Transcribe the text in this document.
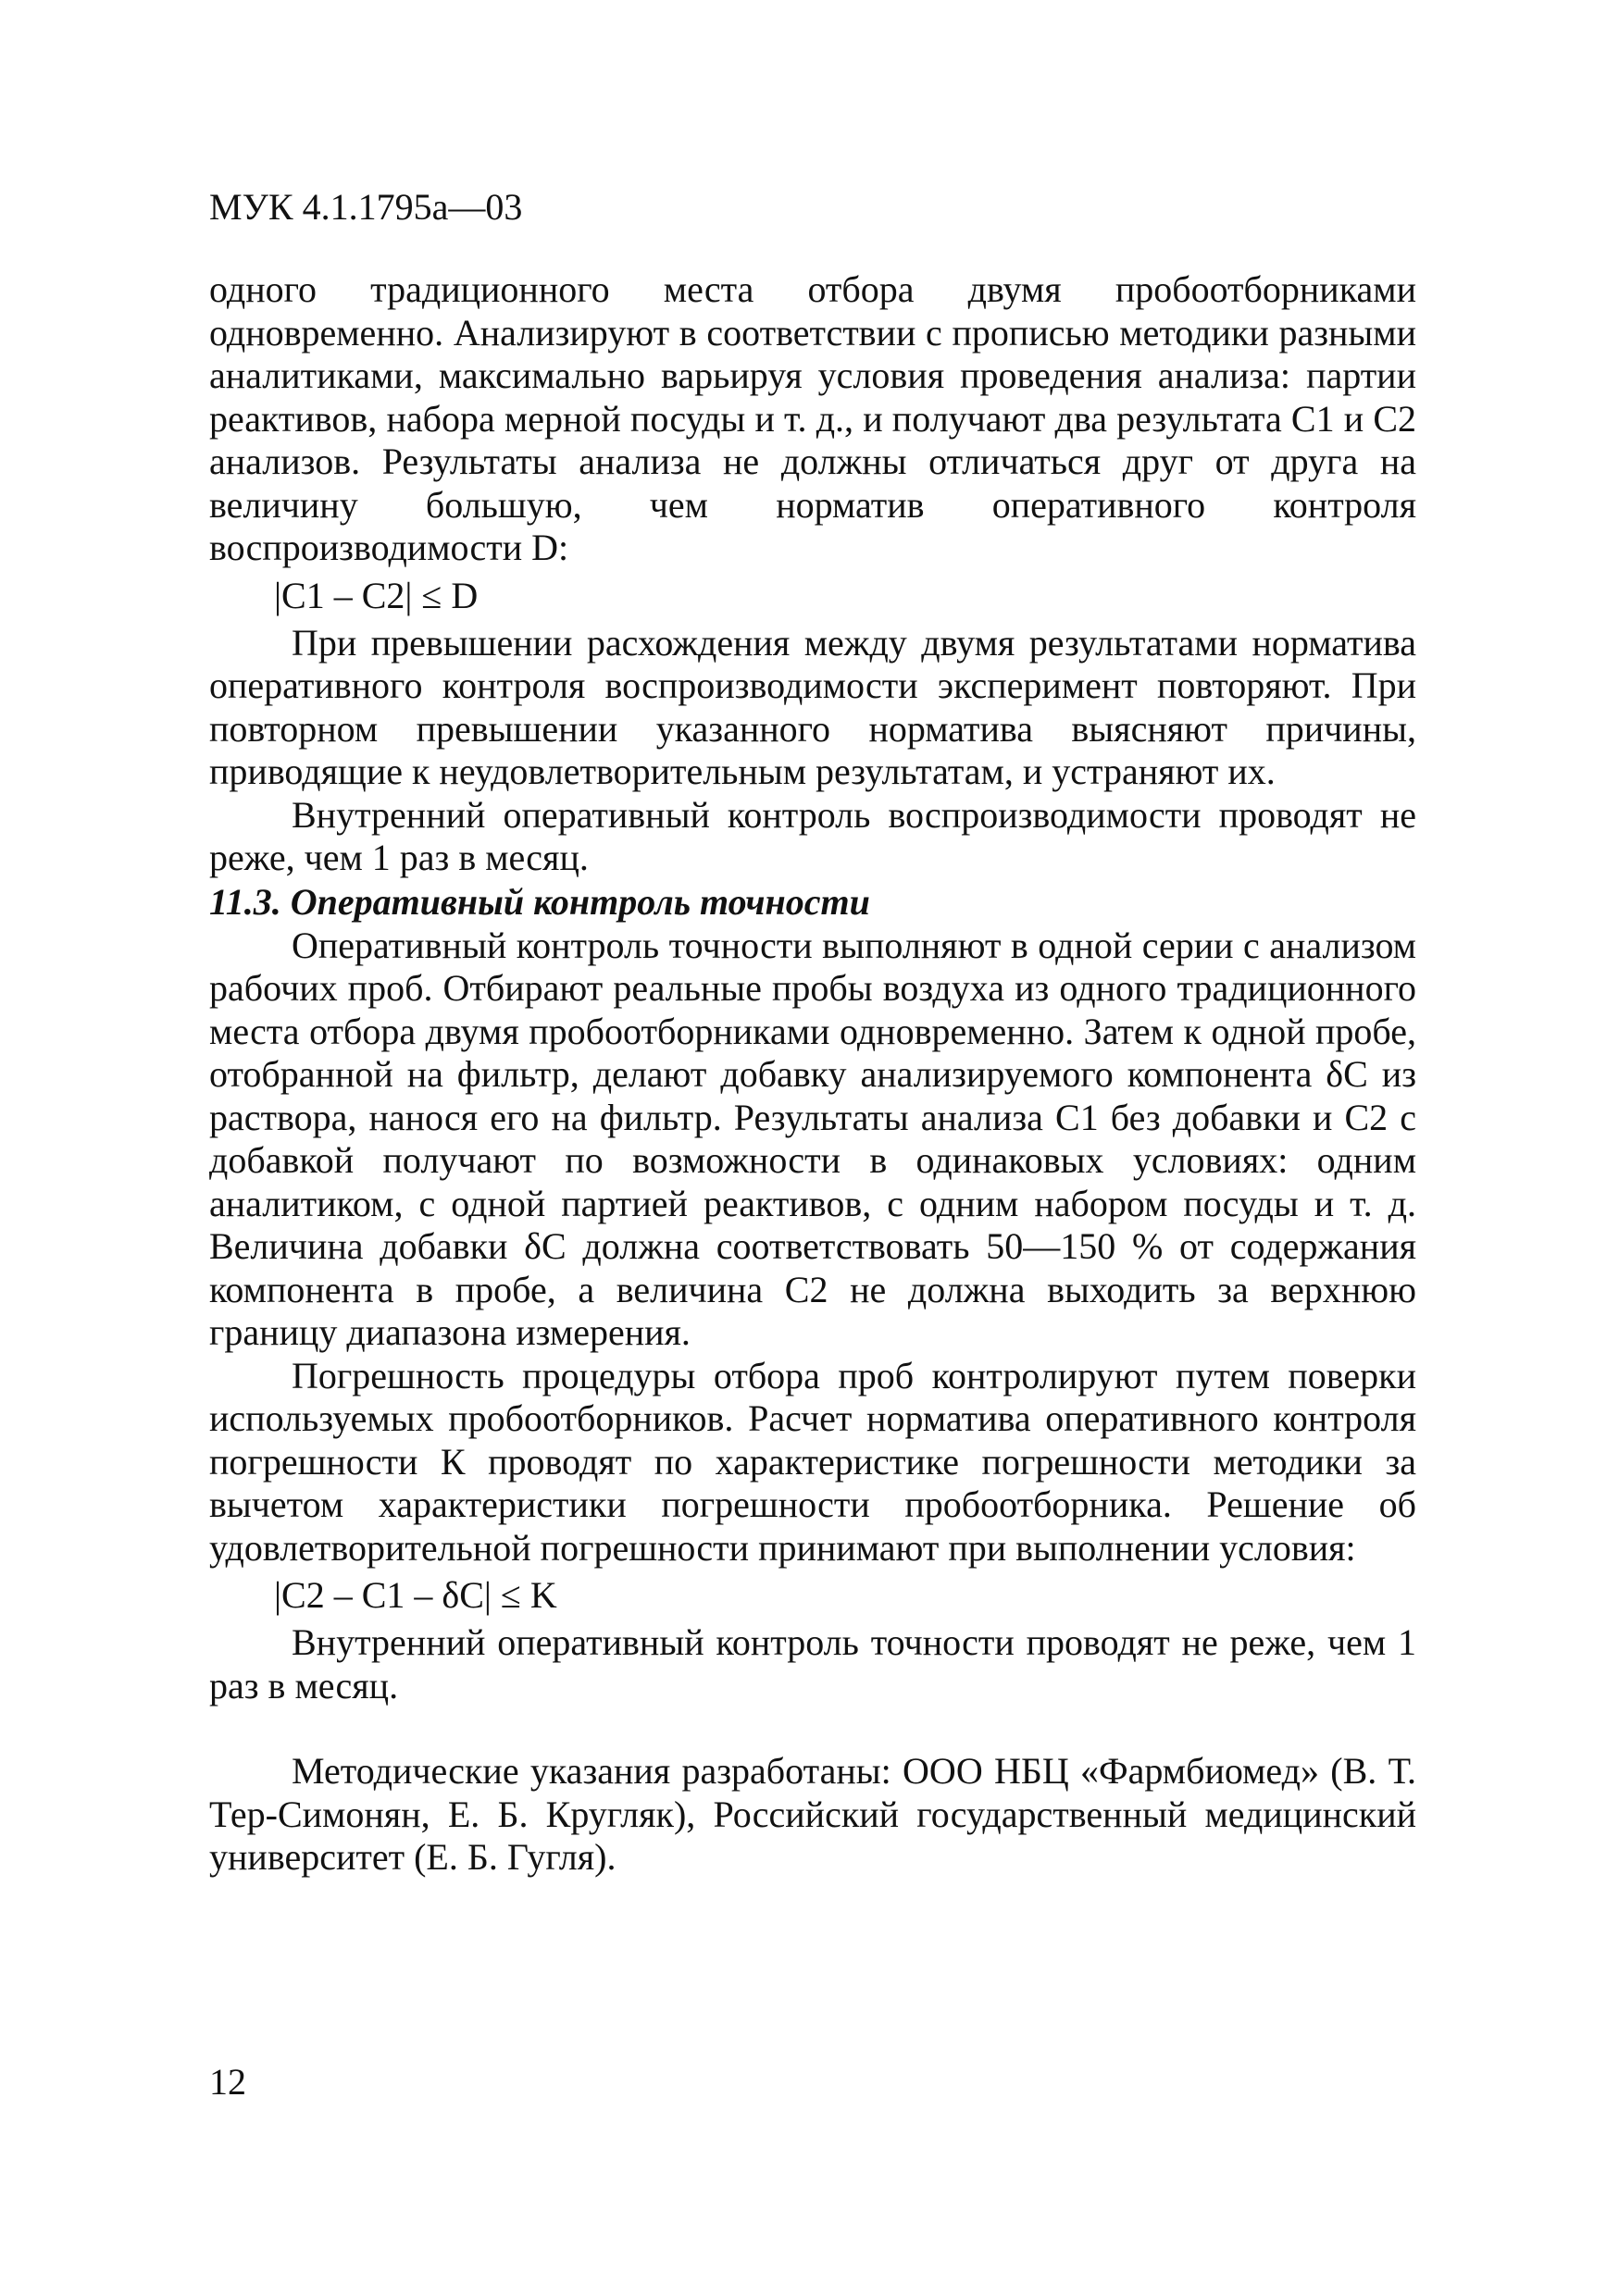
МУК 4.1.1795а—03

одного традиционного места отбора двумя пробоотборниками одновременно. Анализируют в соответствии с прописью методики разными аналитиками, максимально варьируя условия проведения анализа: партии реактивов, набора мерной посуды и т. д., и получают два результата C1 и C2 анализов. Результаты анализа не должны отличаться друг от друга на величину большую, чем норматив оперативного контроля воспроизводимости D:

|C1 – C2| ≤ D

При превышении расхождения между двумя результатами норматива оперативного контроля воспроизводимости эксперимент повторяют. При повторном превышении указанного норматива выясняют причины, приводящие к неудовлетворительным результатам, и устраняют их.

Внутренний оперативный контроль воспроизводимости проводят не реже, чем 1 раз в месяц.

11.3. Оперативный контроль точности

Оперативный контроль точности выполняют в одной серии с анализом рабочих проб. Отбирают реальные пробы воздуха из одного традиционного места отбора двумя пробоотборниками одновременно. Затем к одной пробе, отобранной на фильтр, делают добавку анализируемого компонента δC из раствора, нанося его на фильтр. Результаты анализа C1 без добавки и C2 с добавкой получают по возможности в одинаковых условиях: одним аналитиком, с одной партией реактивов, с одним набором посуды и т. д. Величина добавки δC должна соответствовать 50—150 % от содержания компонента в пробе, а величина C2 не должна выходить за верхнюю границу диапазона измерения.

Погрешность процедуры отбора проб контролируют путем поверки используемых пробоотборников. Расчет норматива оперативного контроля погрешности К проводят по характеристике погрешности методики за вычетом характеристики погрешности пробоотборника. Решение об удовлетворительной погрешности принимают при выполнении условия:

|C2 – C1 – δC| ≤ K

Внутренний оперативный контроль точности проводят не реже, чем 1 раз в месяц.

Методические указания разработаны: ООО НБЦ «Фармбиомед» (В. Т. Тер-Симонян, Е. Б. Кругляк), Российский государственный медицинский университет (Е. Б. Гугля).

12
